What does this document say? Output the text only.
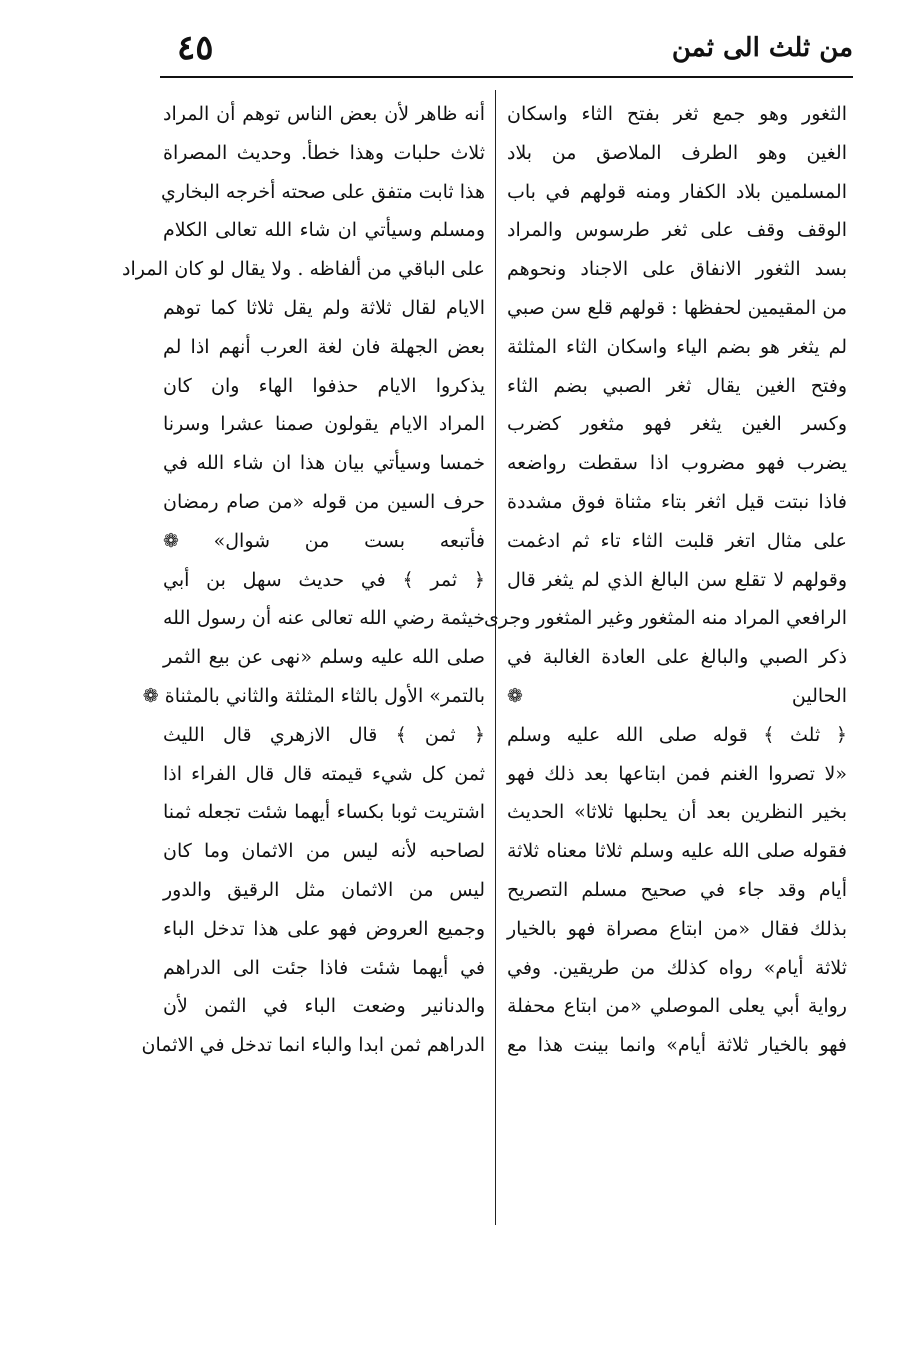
٤٥	من ثلث الى ثمن
الثغور وهو جمع ثغر بفتح الثاء واسكان
الغين وهو الطرف الملاصق من بلاد
المسلمين بلاد الكفار ومنه قولهم في باب
الوقف وقف على ثغر طرسوس والمراد
بسد الثغور الانفاق على الاجناد ونحوهم
من المقيمين لحفظها : قولهم قلع سن صبي
لم يثغر هو بضم الياء واسكان الثاء المثلثة
وفتح الغين يقال ثغر الصبي بضم الثاء
وكسر الغين يثغر فهو مثغور كضرب
يضرب فهو مضروب اذا سقطت رواضعه
فاذا نبتت قيل اثغر بتاء مثناة فوق مشددة
على مثال اتغر قلبت الثاء تاء ثم ادغمت
وقولهم لا تقلع سن البالغ الذي لم يثغر قال
الرافعي المراد منه المثغور وغير المثغور وجرى
ذكر الصبي والبالغ على العادة الغالبة في
الحالين ❁
﴿ ثلث ﴾ قوله صلى الله عليه وسلم
«لا تصروا الغنم فمن ابتاعها بعد ذلك فهو
بخير النظرين بعد أن يحلبها ثلاثا» الحديث
فقوله صلى الله عليه وسلم ثلاثا معناه ثلاثة
أيام وقد جاء في صحيح مسلم التصريح
بذلك فقال «من ابتاع مصراة فهو بالخيار
ثلاثة أيام» رواه كذلك من طريقين. وفي
رواية أبي يعلى الموصلي «من ابتاع محفلة
فهو بالخيار ثلاثة أيام» وانما بينت هذا مع
أنه ظاهر لأن بعض الناس توهم أن المراد
ثلاث حلبات وهذا خطأ. وحديث المصراة
هذا ثابت متفق على صحته أخرجه البخاري
ومسلم وسيأتي ان شاء الله تعالى الكلام
على الباقي من ألفاظه . ولا يقال لو كان المراد
الايام لقال ثلاثة ولم يقل ثلاثا كما توهم
بعض الجهلة فان لغة العرب أنهم اذا لم
يذكروا الايام حذفوا الهاء وان كان
المراد الايام يقولون صمنا عشرا وسرنا
خمسا وسيأتي بيان هذا ان شاء الله في
حرف السين من قوله «من صام رمضان
فأتبعه بست من شوال» ❁
﴿ ثمر ﴾ في حديث سهل بن أبي
خيثمة رضي الله تعالى عنه أن رسول الله
صلى الله عليه وسلم «نهى عن بيع الثمر
بالتمر» الأول بالثاء المثلثة والثاني بالمثناة ❁
﴿ ثمن ﴾ قال الازهري قال الليث
ثمن كل شيء قيمته قال قال الفراء اذا
اشتريت ثوبا بكساء أيهما شئت تجعله ثمنا
لصاحبه لأنه ليس من الاثمان وما كان
ليس من الاثمان مثل الرقيق والدور
وجميع العروض فهو على هذا تدخل الباء
في أيهما شئت فاذا جئت الى الدراهم
والدنانير وضعت الباء في الثمن لأن
الدراهم ثمن ابدا والباء انما تدخل في الاثمان
